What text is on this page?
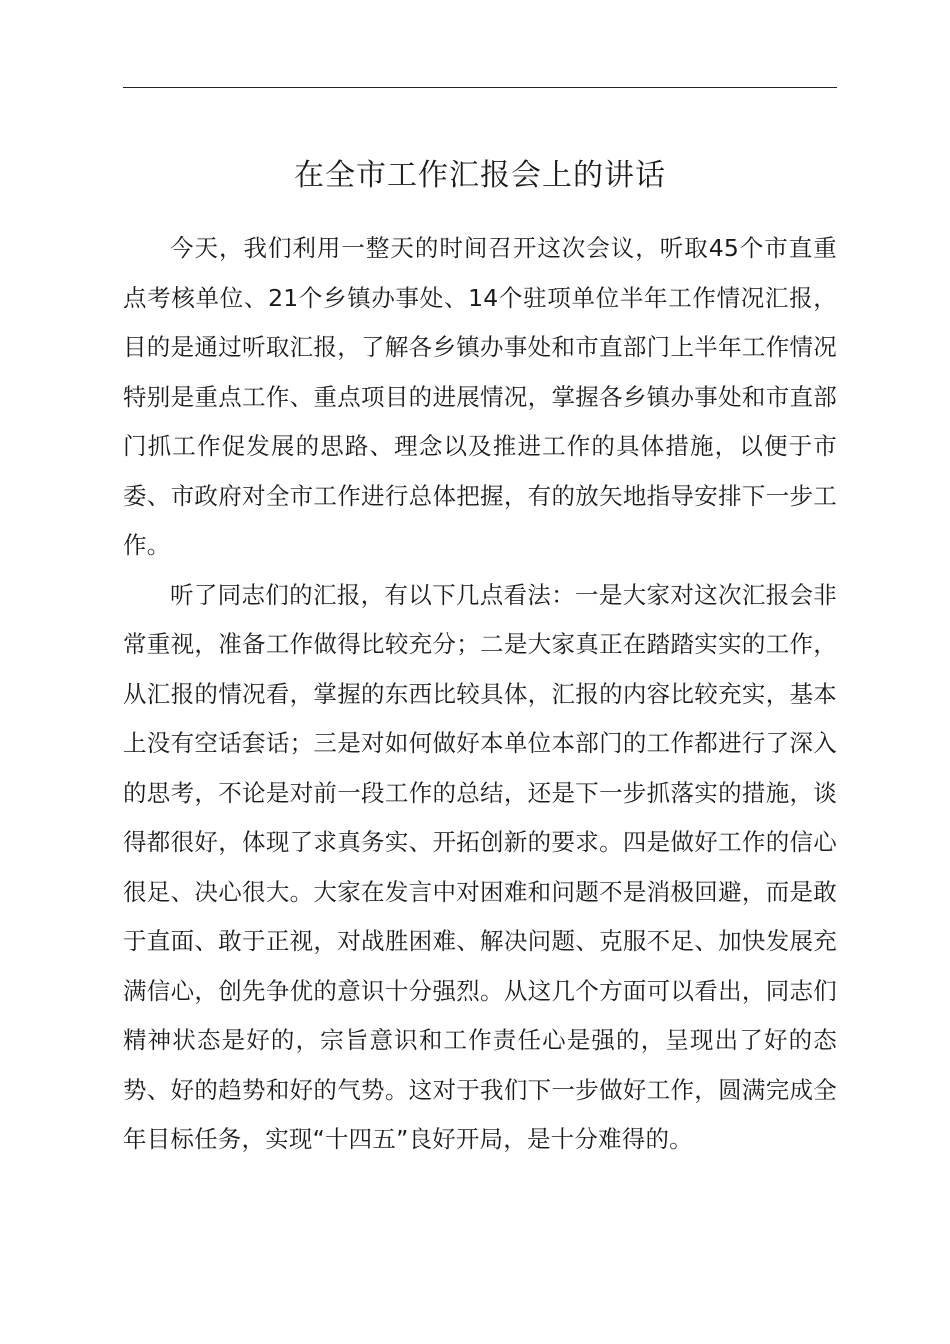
在全市工作汇报会上的讲话

今天，我们利用一整天的时间召开这次会议，听取45个市直重点考核单位、21个乡镇办事处、14个驻项单位半年工作情况汇报，目的是通过听取汇报，了解各乡镇办事处和市直部门上半年工作情况特别是重点工作、重点项目的进展情况，掌握各乡镇办事处和市直部门抓工作促发展的思路、理念以及推进工作的具体措施，以便于市委、市政府对全市工作进行总体把握，有的放矢地指导安排下一步工作。

听了同志们的汇报，有以下几点看法：一是大家对这次汇报会非常重视，准备工作做得比较充分；二是大家真正在踏踏实实的工作，从汇报的情况看，掌握的东西比较具体，汇报的内容比较充实，基本上没有空话套话；三是对如何做好本单位本部门的工作都进行了深入的思考，不论是对前一段工作的总结，还是下一步抓落实的措施，谈得都很好，体现了求真务实、开拓创新的要求。四是做好工作的信心很足、决心很大。大家在发言中对困难和问题不是消极回避，而是敢于直面、敢于正视，对战胜困难、解决问题、克服不足、加快发展充满信心，创先争优的意识十分强烈。从这几个方面可以看出，同志们精神状态是好的，宗旨意识和工作责任心是强的，呈现出了好的态势、好的趋势和好的气势。这对于我们下一步做好工作，圆满完成全年目标任务，实现“十四五”良好开局，是十分难得的。
